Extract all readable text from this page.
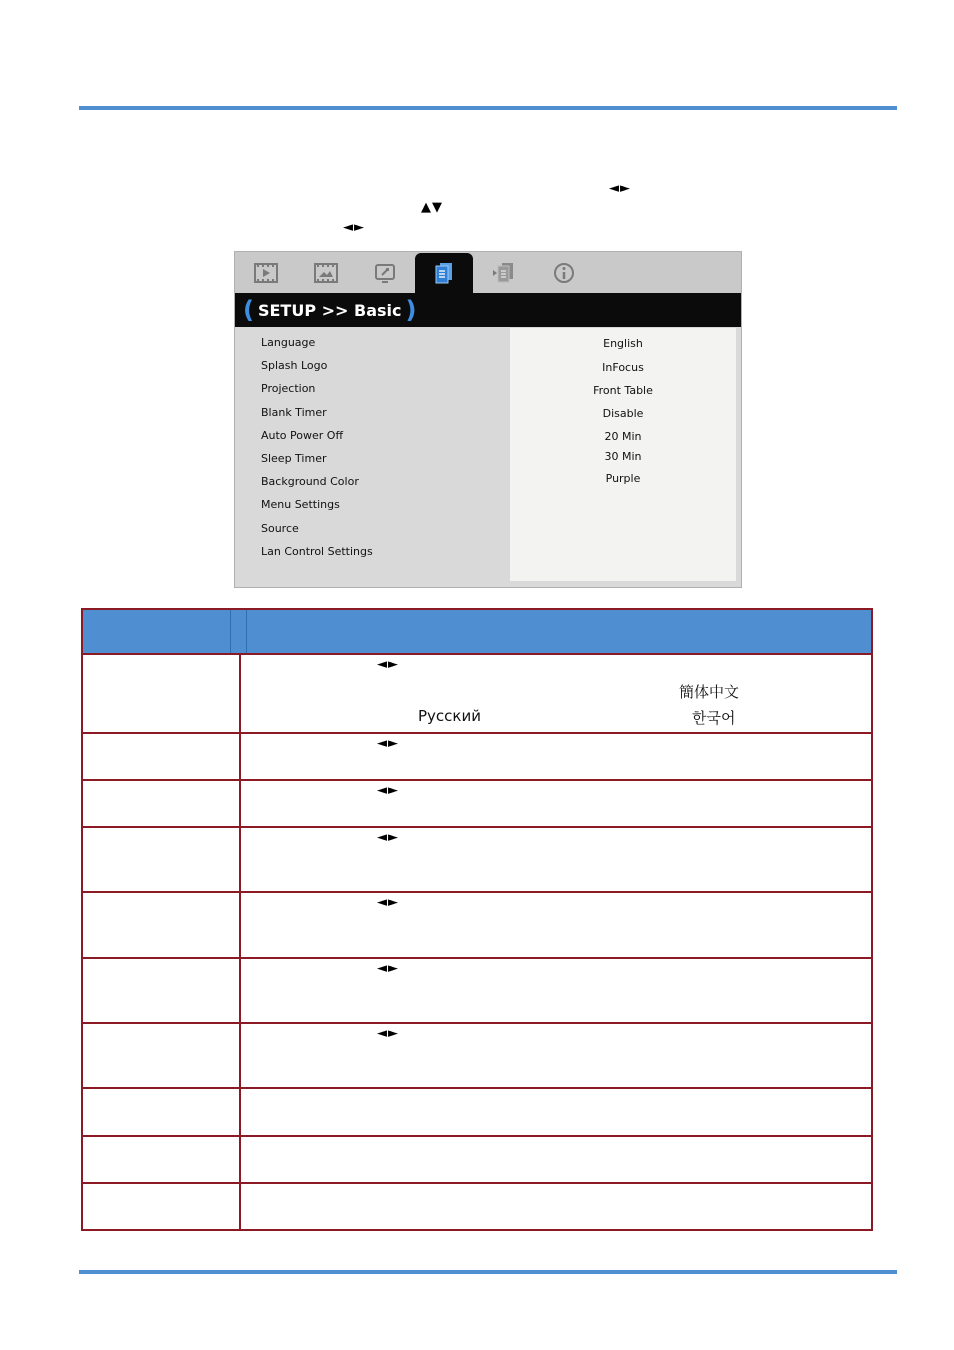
◄►
▲▼
◄►
( SETUP >> Basic )
Language
Splash Logo
Projection
Blank Timer
Auto Power Off
Sleep Timer
Background Color
Menu Settings
Source
Lan Control Settings
English
InFocus
Front Table
Disable
20 Min
30 Min
Purple
◄►
簡体中文
Русский	한국어
◄►
◄►
◄►
◄►
◄►
◄►
